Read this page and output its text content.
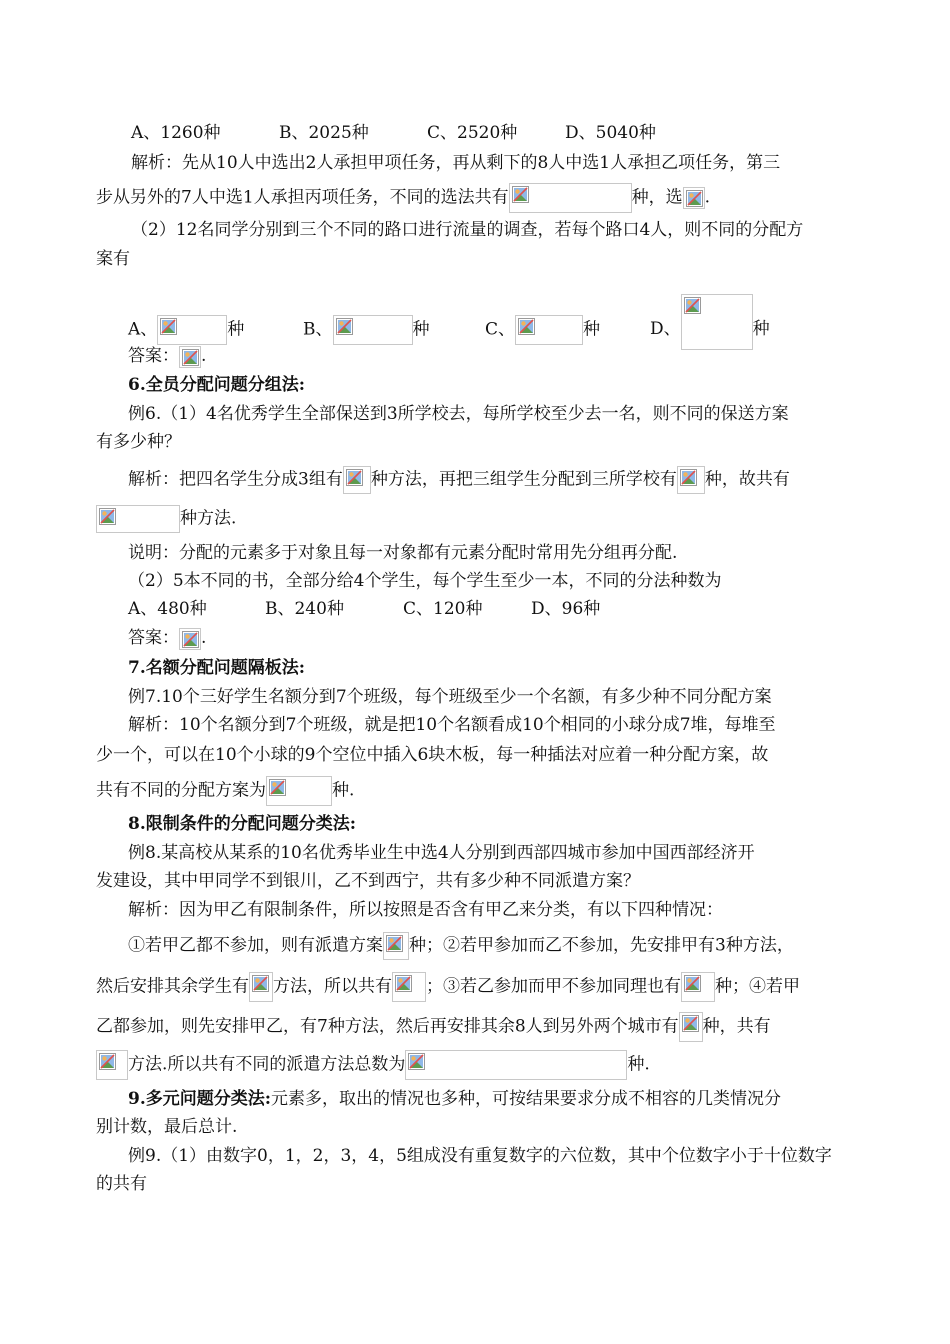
A、1260种	B、2025种	C、2520种	D、5040种
解析：先从10人中选出2人承担甲项任务，再从剩下的8人中选1人承担乙项任务，第三
步从另外的7人中选1人承担丙项任务，不同的选法共有	种，选 .
（2）12名同学分别到三个不同的路口进行流量的调查，若每个路口4人，则不同的分配方
案有
A、	种	B、	种	C、	种	D、	种
答案： .
6.全员分配问题分组法:
例6.（1）4名优秀学生全部保送到3所学校去，每所学校至少去一名，则不同的保送方案
有多少种？
解析：把四名学生分成3组有 种方法，再把三组学生分配到三所学校有 种，故共有
种方法.
说明：分配的元素多于对象且每一对象都有元素分配时常用先分组再分配.
（2）5本不同的书，全部分给4个学生，每个学生至少一本，不同的分法种数为
A、480种	B、240种	C、120种	D、96种
答案： .
7.名额分配问题隔板法:
例7.10个三好学生名额分到7个班级，每个班级至少一个名额，有多少种不同分配方案
解析：10个名额分到7个班级，就是把10个名额看成10个相同的小球分成7堆，每堆至
少一个，可以在10个小球的9个空位中插入6块木板，每一种插法对应着一种分配方案，故
共有不同的分配方案为	种.
8.限制条件的分配问题分类法:
例8.某高校从某系的10名优秀毕业生中选4人分别到西部四城市参加中国西部经济开
发建设，其中甲同学不到银川，乙不到西宁，共有多少种不同派遣方案？
解析：因为甲乙有限制条件，所以按照是否含有甲乙来分类，有以下四种情况：
①若甲乙都不参加，则有派遣方案 种；②若甲参加而乙不参加，先安排甲有3种方法，
然后安排其余学生有 方法，所以共有 ；③若乙参加而甲不参加同理也有 种；④若甲
乙都参加，则先安排甲乙，有7种方法，然后再安排其余8人到另外两个城市有 种，共有
方法.所以共有不同的派遣方法总数为	种.
9.多元问题分类法:元素多，取出的情况也多种，可按结果要求分成不相容的几类情况分
别计数，最后总计.
例9.（1）由数字0，1，2，3，4，5组成没有重复数字的六位数，其中个位数字小于十位数字
的共有
